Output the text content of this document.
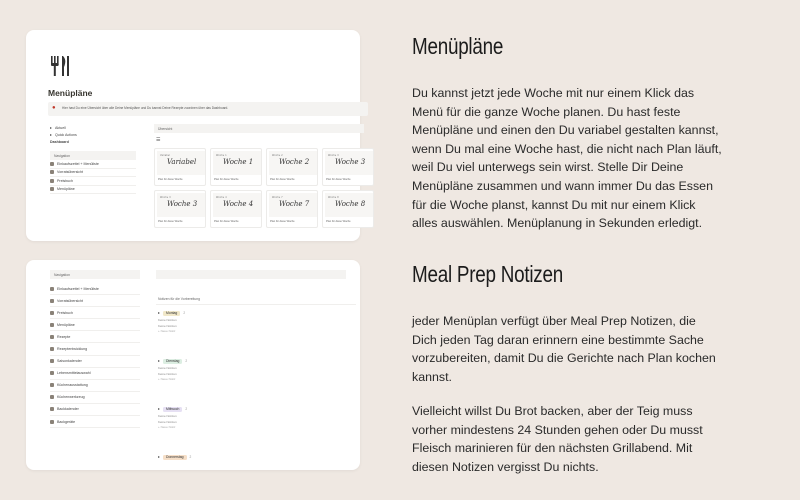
Menüpläne
● Hier hast Du eine Übersicht über alle Deine Menüpläne und Du kannst Deine Rezepte zuordnen über das Dashboard.
Aktuell
Quick Actions
Dashboard
Navigation
Einkaufszettel + Menüliste
Vorratsübersicht
Preisbuch
Menüpläne
Übersicht
☰
Variabel
Variabel
Plan für diese Woche
Woche 1
Woche 1
Plan für diese Woche
Woche 2
Woche 2
Plan für diese Woche
Woche 3
Woche 3
Plan für diese Woche
Woche 3
Woche 3
Plan für diese Woche
Woche 4
Woche 4
Plan für diese Woche
Woche 7
Woche 7
Plan für diese Woche
Woche 8
Woche 8
Plan für diese Woche
Navigation
Einkaufszettel + Menüliste
Vorratsübersicht
Preisbuch
Menüpläne
Rezepte
Rezeptentwicklung
Saisonkalender
Lebensmittelauswahl
Küchenausstattung
Küchenwerkzeug
Backkalender
Backgeräte
Notizen für die Vorbereitung
Montag	2
Keine Notizen
Keine Notizen
+ Neue Notiz
Dienstag	2
Keine Notizen
Keine Notizen
+ Neue Notiz
Mittwoch	2
Keine Notizen
Keine Notizen
+ Neue Notiz
Donnerstag	2
Menüpläne
Du kannst jetzt jede Woche mit nur einem Klick das Menü für die ganze Woche planen. Du hast feste Menüpläne und einen den Du variabel gestalten kannst, wenn Du mal eine Woche hast, die nicht nach Plan läuft, weil Du viel unterwegs sein wirst. Stelle Dir Deine Menüpläne zusammen und wann immer Du das Essen für die Woche planst, kannst Du mit nur einem Klick alles auswählen. Menüplanung in Sekunden erledigt.
Meal Prep Notizen
jeder Menüplan verfügt über Meal Prep Notizen, die Dich jeden Tag daran erinnern eine bestimmte Sache vorzubereiten, damit Du die Gerichte nach Plan kochen kannst.
Vielleicht willst Du Brot backen, aber der Teig muss vorher mindestens 24 Stunden gehen oder Du musst Fleisch marinieren für den nächsten Grillabend. Mit diesen Notizen vergisst Du nichts.
